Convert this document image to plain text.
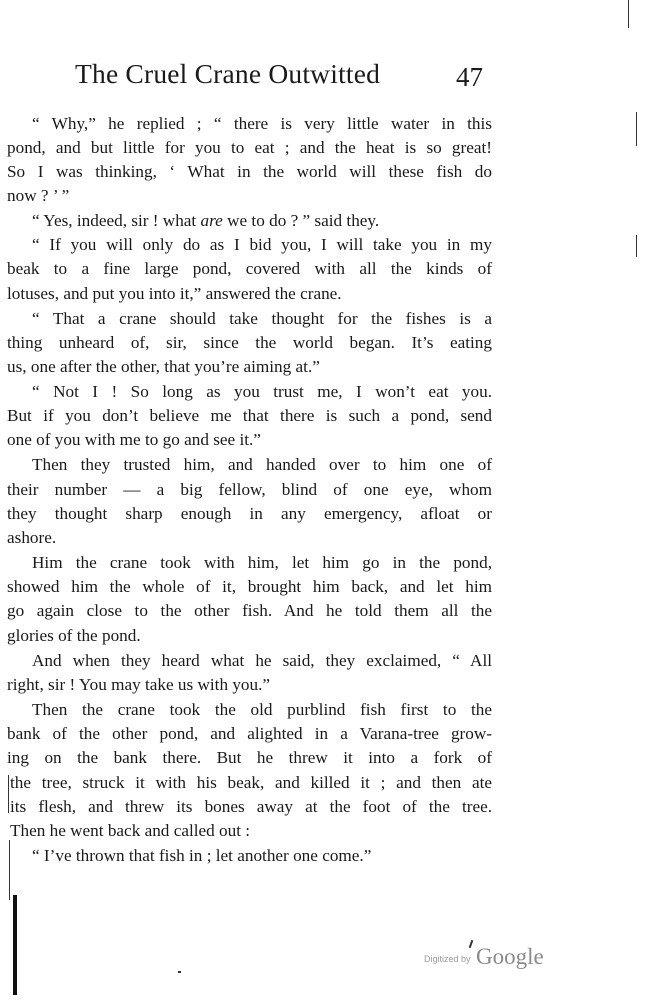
The Cruel Crane Outwitted	47
“ Why,” he replied ; “ there is very little water in this
pond, and but little for you to eat ; and the heat is so great!
So I was thinking, ‘ What in the world will these fish do
now ? ’ ”
“ Yes, indeed, sir ! what are we to do ? ” said they.
“ If you will only do as I bid you, I will take you in my
beak to a fine large pond, covered with all the kinds of
lotuses, and put you into it,” answered the crane.
“ That a crane should take thought for the fishes is a
thing unheard of, sir, since the world began. It’s eating
us, one after the other, that you’re aiming at.”
“ Not I ! So long as you trust me, I won’t eat you.
But if you don’t believe me that there is such a pond, send
one of you with me to go and see it.”
Then they trusted him, and handed over to him one of
their number — a big fellow, blind of one eye, whom
they thought sharp enough in any emergency, afloat or
ashore.
Him the crane took with him, let him go in the pond,
showed him the whole of it, brought him back, and let him
go again close to the other fish. And he told them all the
glories of the pond.
And when they heard what he said, they exclaimed, “ All
right, sir ! You may take us with you.”
Then the crane took the old purblind fish first to the
bank of the other pond, and alighted in a Varana-tree grow-
ing on the bank there. But he threw it into a fork of
the tree, struck it with his beak, and killed it ; and then ate
its flesh, and threw its bones away at the foot of the tree.
Then he went back and called out :
“ I’ve thrown that fish in ; let another one come.”
Digitized by Google
